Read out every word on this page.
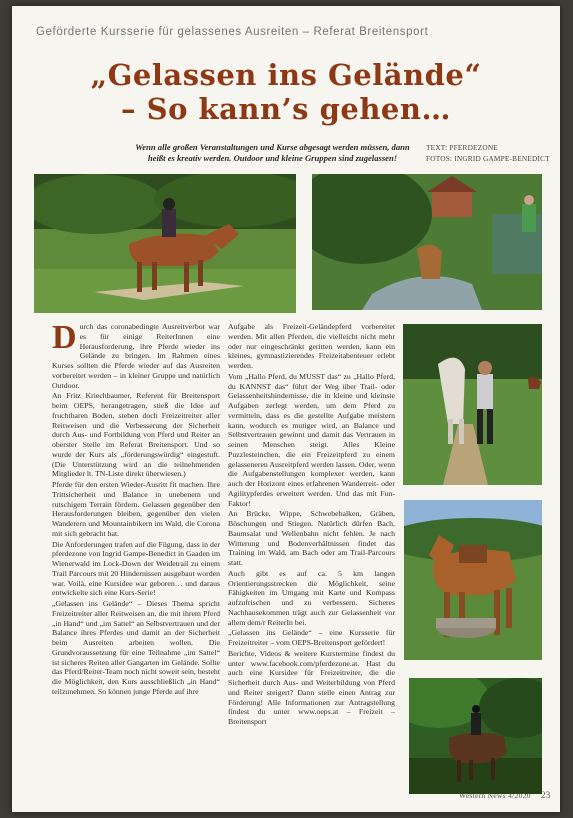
Geförderte Kursserie für gelassenes Ausreiten – Referat Breitensport
„Gelassen ins Gelände“
– So kann’s gehen…
Wenn alle großen Veranstaltungen und Kurse abgesagt werden müssen, dann heißt es kreativ werden. Outdoor und kleine Gruppen sind zugelassen!
TEXT: PFERDEZONE
FOTOS: INGRID GAMPE-BENEDICT

Durch das coronabedingte Ausreitverbot war es für einige ReiterInnen eine Herausforderung, ihre Pferde wieder ins Gelände zu bringen. Im Rahmen eines Kurses sollten die Pferde wieder auf das Ausreiten vorbereitet werden – in kleiner Gruppe und natürlich Outdoor.

An Fritz Kriechbaumer, Referent für Breitensport beim OEPS, herangetragen, stieß die Idee auf fruchtbaren Boden, stehen doch Freizeitreiter aller Reitweisen und die Verbesserung der Sicherheit durch Aus- und Fortbildung von Pferd und Reiter an oberster Stelle im Referat Breitensport. Und so wurde der Kurs als „förderungswürdig“ eingestuft. (Die Unterstützung wird an die teilnehmenden Mitglieder lt. TN-Liste direkt überwiesen.)

Pferde für den ersten Wieder-Ausritt fit machen. Ihre Trittsicherheit und Balance in unebenem und rutschigem Terrain fördern. Gelassen gegenüber den Herausforderungen bleiben, gegenüber den vielen Wanderern und Mountainbikern im Wald, die Corona mit sich gebracht hat.

Die Anforderungen trafen auf die Fügung, dass in der pferdezone von Ingrid Gampe-Benedict in Gaaden im Wienerwald im Lock-Down der Weidetrail zu einem Trail Parcours mit 20 Hindernissen ausgebaut worden war. Voilà, eine Kursidee war geboren… und daraus entwickelte sich eine Kurs-Serie!

„Gelassen ins Gelände“ – Dieses Thema spricht Freizeitreiter aller Reitweisen an, die mit ihrem Pferd „in Hand“ und „im Sattel“ an Selbstvertrauen und der Balance ihres Pferdes und damit an der Sicherheit beim Ausreiten arbeiten wollen. Die Grundvoraussetzung für eine Teilnahme „im Sattel“ ist sicheres Reiten aller Gangarten im Gelände. Sollte das Pferd/Reiter-Team noch nicht soweit sein, besteht die Möglichkeit, den Kurs ausschließlich „in Hand“ teilzunehmen. So können junge Pferde auf ihre

Aufgabe als Freizeit-Geländepferd vorbereitet werden. Mit allen Pferden, die vielleicht nicht mehr oder nur eingeschränkt geritten werden, kann ein kleines, gymnastizierendes Freizeitabenteuer erlebt werden.

Vom „Hallo Pferd, du MUSST das“ zu „Hallo Pferd, du KANNST das“ führt der Weg über Trail- oder Gelassenheitshindernisse, die in kleine und kleinste Aufgaben zerlegt werden, um dem Pferd zu vermitteln, dass es die gestellte Aufgabe meistern kann, wodurch es mutiger wird, an Balance und Selbstvertrauen gewinnt und damit das Vertrauen in seinen Menschen steigt. Alles Kleine Puzzlesteinchen, die ein Freizeitpferd zu einem gelasseneren Ausreitpferd werden lassen. Oder, wenn die Aufgabenstellungen komplexer werden, kann auch der Horizont eines erfahrenen Wanderreit- oder Agilitypferdes erweitert werden. Und das mit Fun-Faktor!

An Brücke, Wippe, Schwebebalken, Gräben, Böschungen und Stiegen. Natürlich dürfen Bach, Baumsalat und Wellenbahn nicht fehlen. Je nach Witterung und Bodenverhältnissen findet das Training im Wald, am Bach oder am Trail-Parcours statt.

Auch gibt es auf ca. 5 km langen Orientierungsstrecken die Möglichkeit, seine Fähigkeiten im Umgang mit Karte und Kompass aufzufrischen und zu verbessern. Sicheres Nachhausekommen trägt auch zur Gelassenheit vor allem dem/r ReiterIn bei.

„Gelassen ins Gelände“ – eine Kursserie für Freizeitreiter – vom OEPS-Breitensport gefördert!

Berichte, Videos & weitere Kurstermine findest du unter www.facebook.com/pferdezone.at. Hast du auch eine Kursidee für Freizeitreiter, die die Sicherheit durch Aus- und Weiterbildung von Pferd und Reiter steigert? Dann stelle einen Antrag zur Förderung! Alle Informationen zur Antragstellung findest du unter www.oeps.at – Freizeit – Breitensport

Western News 4/2020 23
